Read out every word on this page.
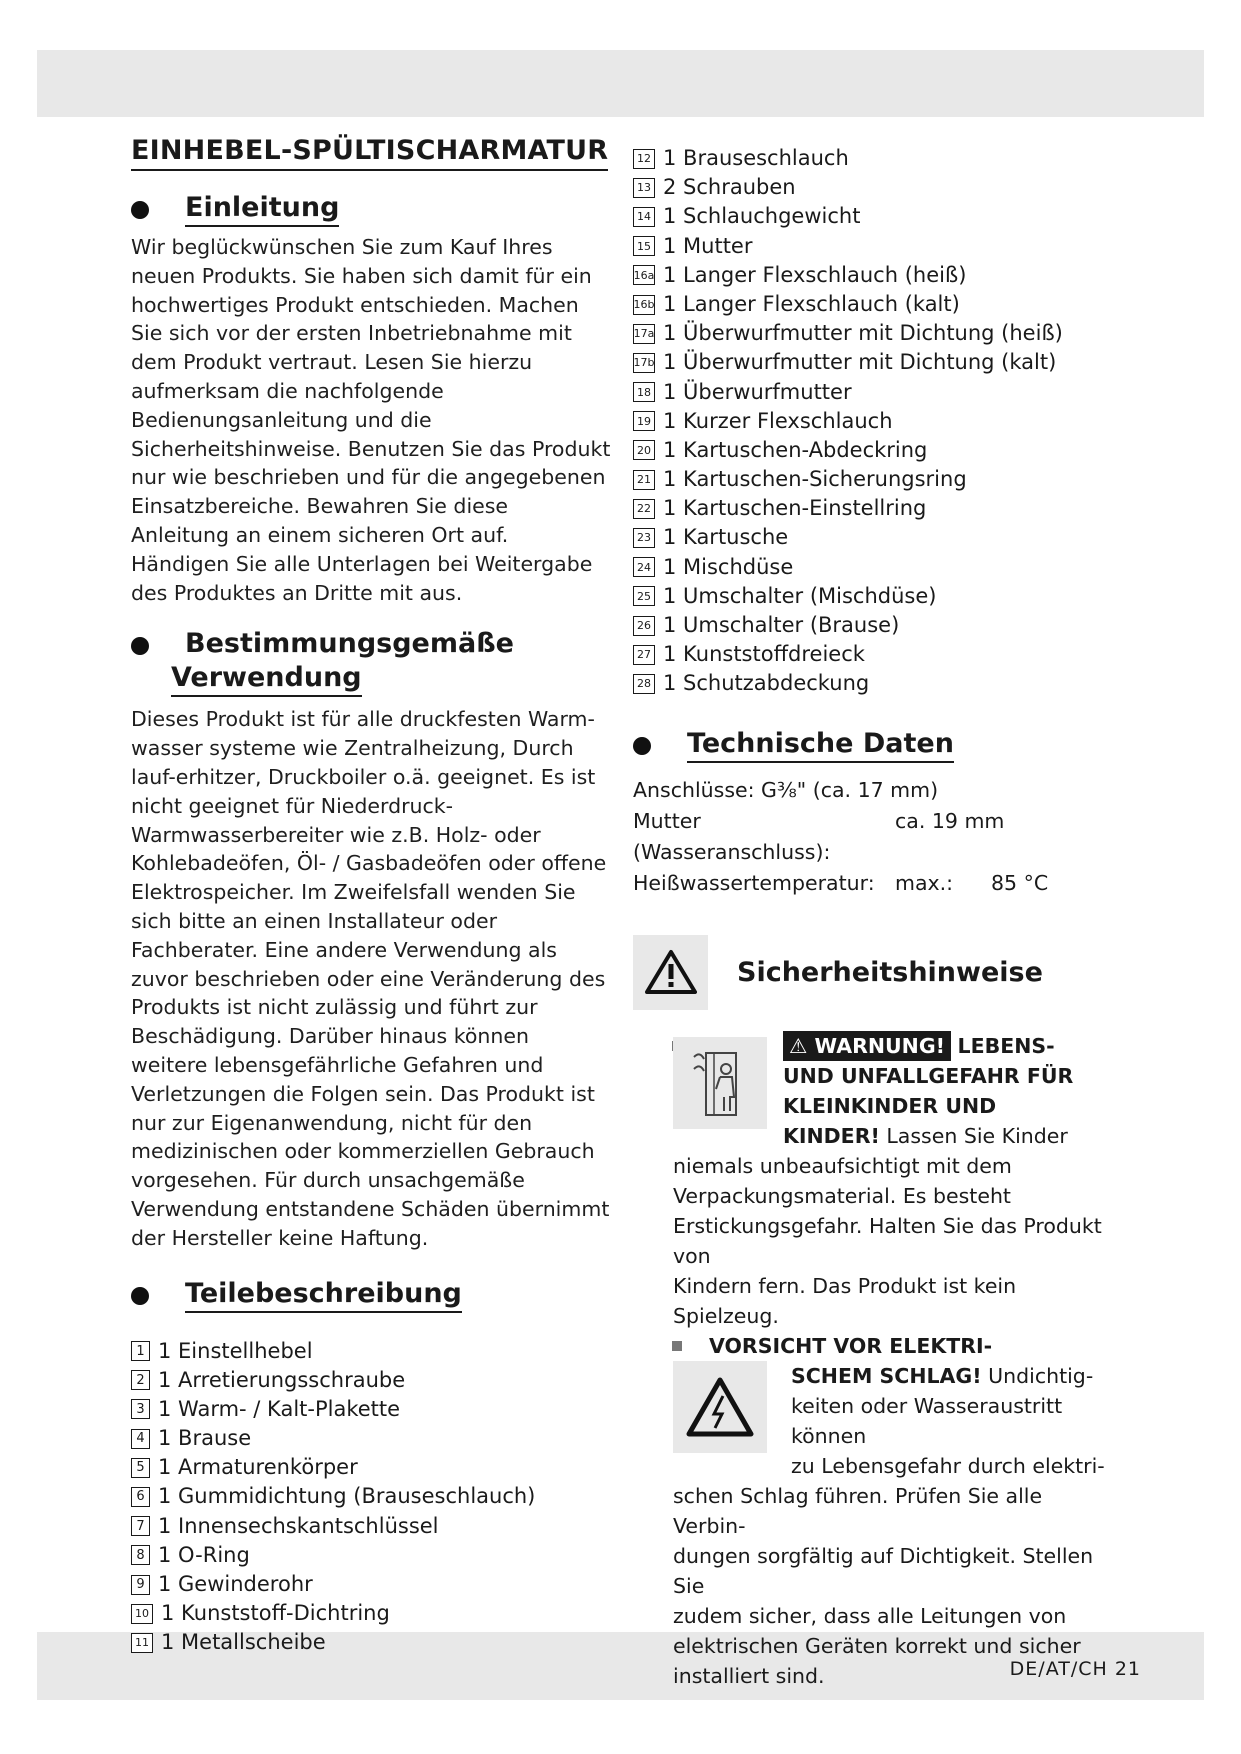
DE/AT/CH 21
EINHEBEL-SPÜLTISCHARMATUR
Einleitung

Wir beglückwünschen Sie zum Kauf Ihres neuen Produkts. Sie haben sich damit für ein hochwertiges Produkt entschieden. Machen Sie sich vor der ersten Inbetriebnahme mit dem Produkt vertraut. Lesen Sie hierzu aufmerksam die nachfolgende Bedienungsanleitung und die Sicherheitshinweise. Benutzen Sie das Produkt nur wie beschrieben und für die angegebenen Einsatzbereiche. Bewahren Sie diese Anleitung an einem sicheren Ort auf. Händigen Sie alle Unterlagen bei Weitergabe des Produktes an Dritte mit aus.

Bestimmungsgemäße
Verwendung

Dieses Produkt ist für alle druckfesten Warm-wasser systeme wie Zentralheizung, Durch lauf-erhitzer, Druckboiler o.ä. geeignet. Es ist nicht geeignet für Niederdruck-Warmwasserbereiter wie z.B. Holz- oder Kohlebadeöfen, Öl- / Gasbadeöfen oder offene Elektrospeicher. Im Zweifelsfall wenden Sie sich bitte an einen Installateur oder Fachberater. Eine andere Verwendung als zuvor beschrieben oder eine Veränderung des Produkts ist nicht zulässig und führt zur Beschädigung. Darüber hinaus können weitere lebensgefährliche Gefahren und Verletzungen die Folgen sein. Das Produkt ist nur zur Eigenanwendung, nicht für den medizinischen oder kommerziellen Gebrauch vorgesehen. Für durch unsachgemäße Verwendung entstandene Schäden übernimmt der Hersteller keine Haftung.

Teilebeschreibung
1 1 Einstellhebel
2 1 Arretierungsschraube
3 1 Warm- / Kalt-Plakette
4 1 Brause
5 1 Armaturenkörper
6 1 Gummidichtung (Brauseschlauch)
7 1 Innensechskantschlüssel
8 1 O-Ring
9 1 Gewinderohr
10 1 Kunststoff-Dichtring
11 1 Metallscheibe
12 1 Brauseschlauch
13 2 Schrauben
14 1 Schlauchgewicht
15 1 Mutter
16a 1 Langer Flexschlauch (heiß)
16b 1 Langer Flexschlauch (kalt)
17a 1 Überwurfmutter mit Dichtung (heiß)
17b 1 Überwurfmutter mit Dichtung (kalt)
18 1 Überwurfmutter
19 1 Kurzer Flexschlauch
20 1 Kartuschen-Abdeckring
21 1 Kartuschen-Sicherungsring
22 1 Kartuschen-Einstellring
23 1 Kartusche
24 1 Mischdüse
25 1 Umschalter (Mischdüse)
26 1 Umschalter (Brause)
27 1 Kunststoffdreieck
28 1 Schutzabdeckung
Technische Daten
Anschlüsse: G⅜" (ca. 17 mm)
Mutter (Wasseranschluss):
ca. 19 mm
Heißwassertemperatur: max.:	85 °C
Sicherheitshinweise
⚠ WARNUNG! LEBENS-
UND UNFALLGEFAHR FÜR
KLEINKINDER UND
KINDER! Lassen Sie Kinder
niemals unbeaufsichtigt mit dem
Verpackungsmaterial. Es besteht
Erstickungsgefahr. Halten Sie das Produkt von
Kindern fern. Das Produkt ist kein Spielzeug.
VORSICHT VOR ELEKTRI-
SCHEM SCHLAG! Undichtig-
keiten oder Wasseraustritt können
zu Lebensgefahr durch elektri-
schen Schlag führen. Prüfen Sie alle Verbin-
dungen sorgfältig auf Dichtigkeit. Stellen Sie
zudem sicher, dass alle Leitungen von
elektrischen Geräten korrekt und sicher
installiert sind.
